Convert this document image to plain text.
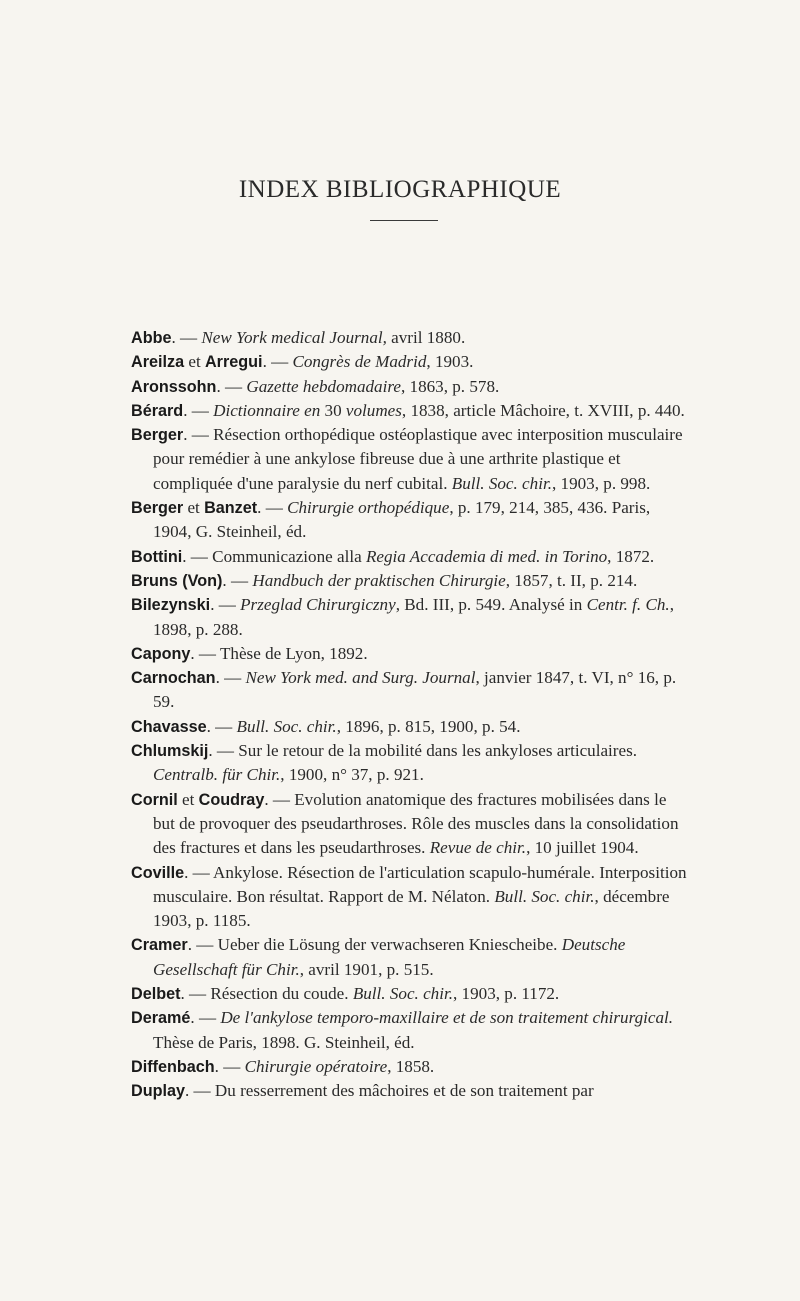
INDEX BIBLIOGRAPHIQUE

Abbe. — New York medical Journal, avril 1880.

Areilza et Arregui. — Congrès de Madrid, 1903.

Aronssohn. — Gazette hebdomadaire, 1863, p. 578.

Bérard. — Dictionnaire en 30 volumes, 1838, article Mâchoire, t. XVIII, p. 440.

Berger. — Résection orthopédique ostéoplastique avec interposition musculaire pour remédier à une ankylose fibreuse due à une arthrite plastique et compliquée d'une paralysie du nerf cubital. Bull. Soc. chir., 1903, p. 998.

Berger et Banzet. — Chirurgie orthopédique, p. 179, 214, 385, 436. Paris, 1904, G. Steinheil, éd.

Bottini. — Communicazione alla Regia Accademia di med. in Torino, 1872.

Bruns (Von). — Handbuch der praktischen Chirurgie, 1857, t. II, p. 214.

Bilezynski. — Przeglad Chirurgiczny, Bd. III, p. 549. Analysé in Centr. f. Ch., 1898, p. 288.

Capony. — Thèse de Lyon, 1892.

Carnochan. — New York med. and Surg. Journal, janvier 1847, t. VI, n° 16, p. 59.

Chavasse. — Bull. Soc. chir., 1896, p. 815, 1900, p. 54.

Chlumskij. — Sur le retour de la mobilité dans les ankyloses articulaires. Centralb. für Chir., 1900, n° 37, p. 921.

Cornil et Coudray. — Evolution anatomique des fractures mobilisées dans le but de provoquer des pseudarthroses. Rôle des muscles dans la consolidation des fractures et dans les pseudarthroses. Revue de chir., 10 juillet 1904.

Coville. — Ankylose. Résection de l'articulation scapulo-humérale. Interposition musculaire. Bon résultat. Rapport de M. Nélaton. Bull. Soc. chir., décembre 1903, p. 1185.

Cramer. — Ueber die Lösung der verwachseren Kniescheibe. Deutsche Gesellschaft für Chir., avril 1901, p. 515.

Delbet. — Résection du coude. Bull. Soc. chir., 1903, p. 1172.

Deramé. — De l'ankylose temporo-maxillaire et de son traitement chirurgical. Thèse de Paris, 1898. G. Steinheil, éd.

Diffenbach. — Chirurgie opératoire, 1858.

Duplay. — Du resserrement des mâchoires et de son traitement par
